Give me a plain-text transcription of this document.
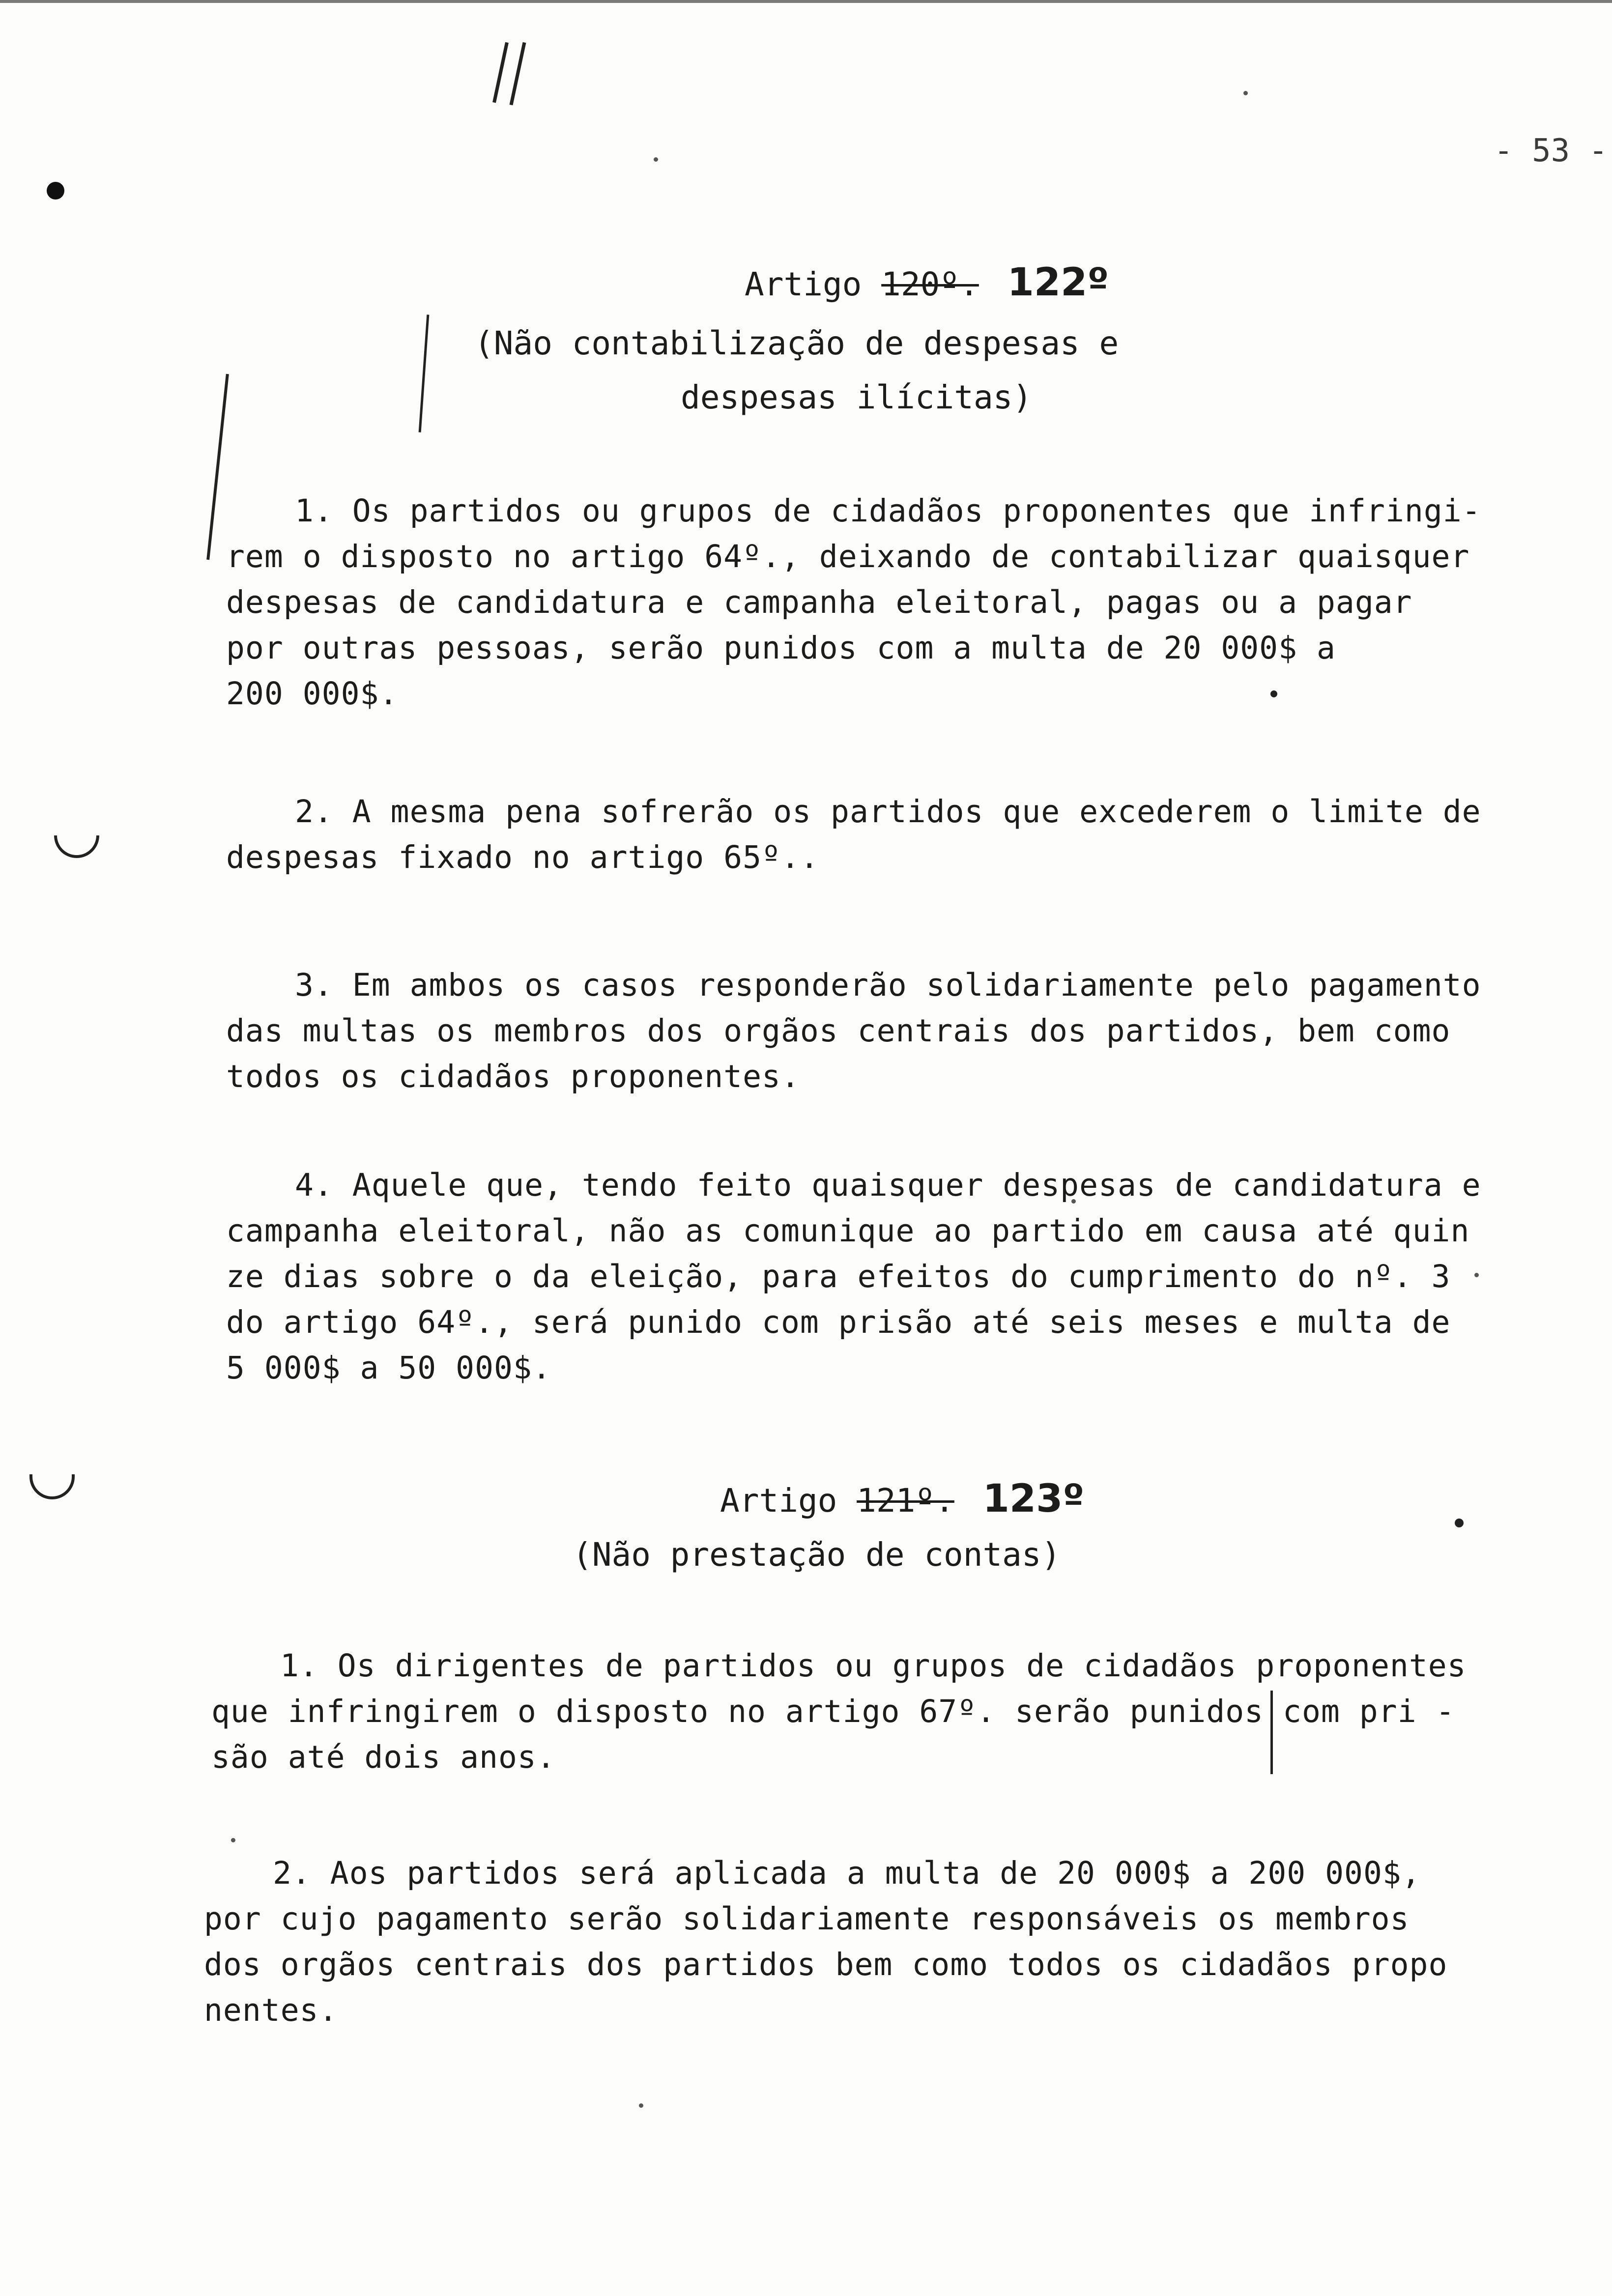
- 53 -
Artigo 120º. 122º
(Não contabilização de despesas e
despesas ilícitas)
1. Os partidos ou grupos de cidadãos proponentes que infringi-
rem o disposto no artigo 64º., deixando de contabilizar quaisquer
despesas de candidatura e campanha eleitoral, pagas ou a pagar
por outras pessoas, serão punidos com a multa de 20 000$ a
200 000$.
2. A mesma pena sofrerão os partidos que excederem o limite de
despesas fixado no artigo 65º..
3. Em ambos os casos responderão solidariamente pelo pagamento
das multas os membros dos orgãos centrais dos partidos, bem como
todos os cidadãos proponentes.
4. Aquele que, tendo feito quaisquer despesas de candidatura e
campanha eleitoral, não as comunique ao partido em causa até quin
ze dias sobre o da eleição, para efeitos do cumprimento do nº. 3
do artigo 64º., será punido com prisão até seis meses e multa de
5 000$ a 50 000$.
Artigo 121º. 123º
(Não prestação de contas)
1. Os dirigentes de partidos ou grupos de cidadãos proponentes
que infringirem o disposto no artigo 67º. serão punidos com pri -
são até dois anos.
2. Aos partidos será aplicada a multa de 20 000$ a 200 000$,
por cujo pagamento serão solidariamente responsáveis os membros
dos orgãos centrais dos partidos bem como todos os cidadãos propo
nentes.
